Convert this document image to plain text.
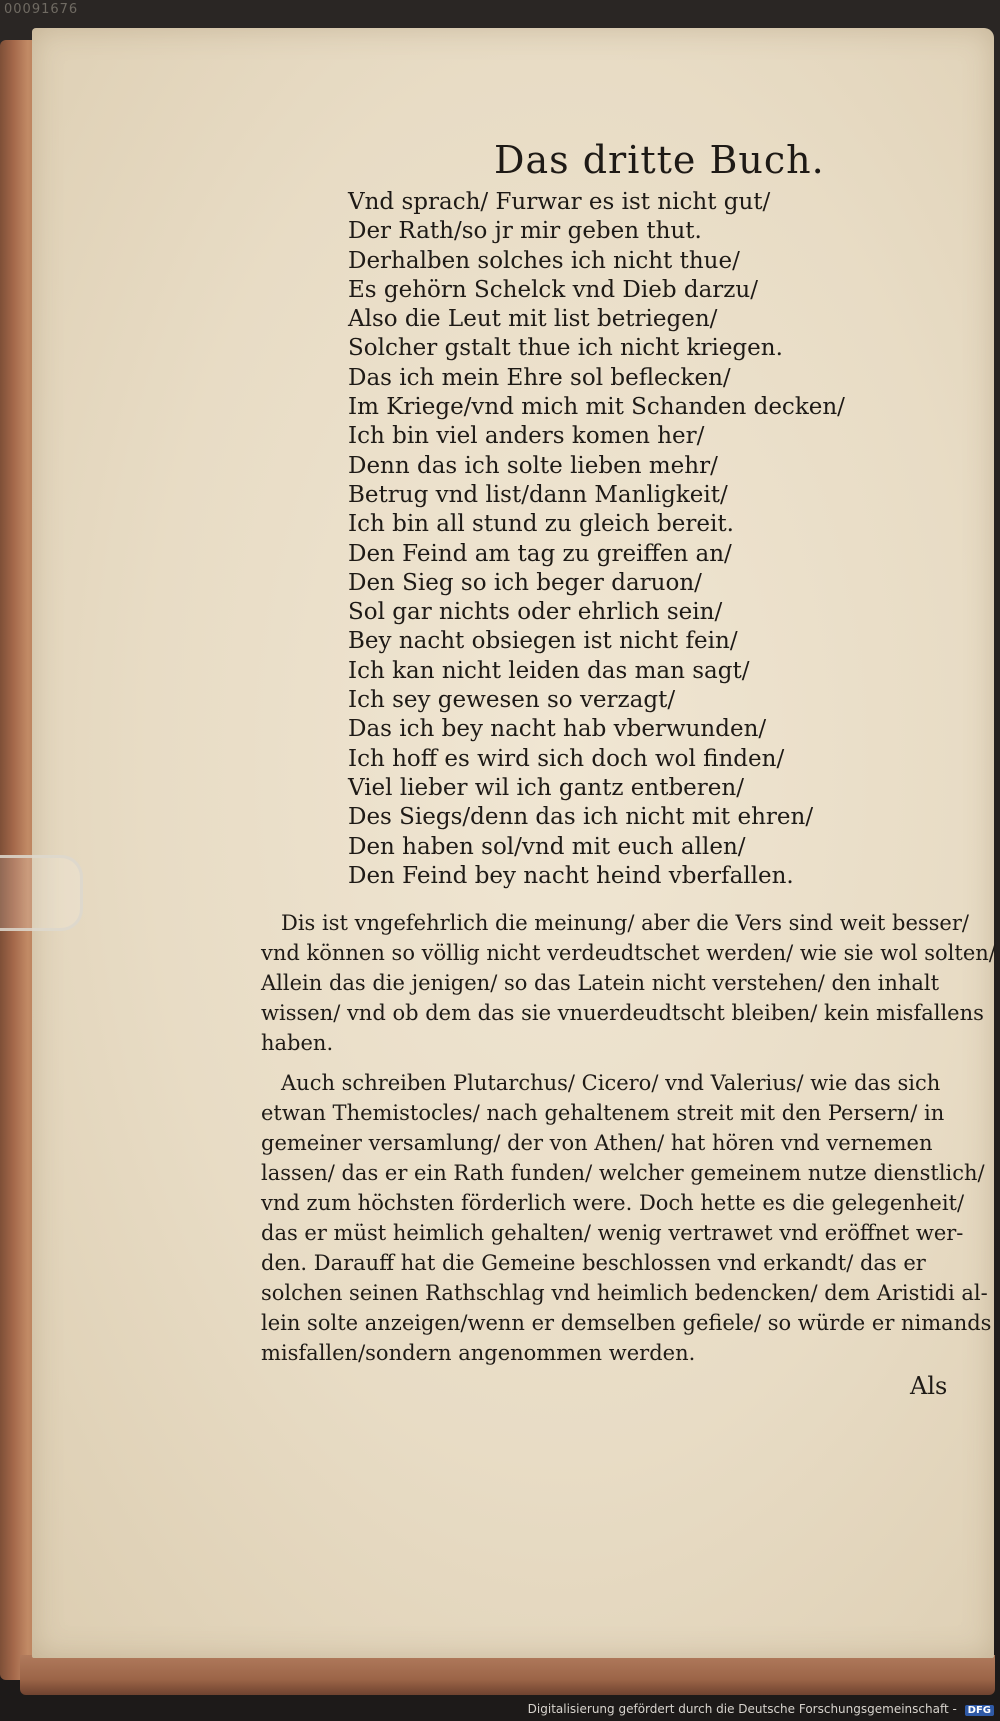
00091676
Das dritte Buch.
Vnd sprach/ Furwar es ist nicht gut/
Der Rath/so jr mir geben thut.
Derhalben solches ich nicht thue/
Es gehörn Schelck vnd Dieb darzu/
Also die Leut mit list betriegen/
Solcher gstalt thue ich nicht kriegen.
Das ich mein Ehre sol beflecken/
Im Kriege/vnd mich mit Schanden decken/
Ich bin viel anders komen her/
Denn das ich solte lieben mehr/
Betrug vnd list/dann Manligkeit/
Ich bin all stund zu gleich bereit.
Den Feind am tag zu greiffen an/
Den Sieg so ich beger daruon/
Sol gar nichts oder ehrlich sein/
Bey nacht obsiegen ist nicht fein/
Ich kan nicht leiden das man sagt/
Ich sey gewesen so verzagt/
Das ich bey nacht hab vberwunden/
Ich hoff es wird sich doch wol finden/
Viel lieber wil ich gantz entberen/
Des Siegs/denn das ich nicht mit ehren/
Den haben sol/vnd mit euch allen/
Den Feind bey nacht heind vberfallen.
Dis ist vngefehrlich die meinung/ aber die Vers sind weit besser/
vnd können so völlig nicht verdeudtschet werden/ wie sie wol solten/
Allein das die jenigen/ so das Latein nicht verstehen/ den inhalt
wissen/ vnd ob dem das sie vnuerdeudtscht bleiben/ kein misfallens
haben.
Auch schreiben Plutarchus/ Cicero/ vnd Valerius/ wie das sich
etwan Themistocles/ nach gehaltenem streit mit den Persern/ in
gemeiner versamlung/ der von Athen/ hat hören vnd vernemen
lassen/ das er ein Rath funden/ welcher gemeinem nutze dienstlich/
vnd zum höchsten förderlich were. Doch hette es die gelegenheit/
das er müst heimlich gehalten/ wenig vertrawet vnd eröffnet wer-
den. Darauff hat die Gemeine beschlossen vnd erkandt/ das er
solchen seinen Rathschlag vnd heimlich bedencken/ dem Aristidi al-
lein solte anzeigen/wenn er demselben gefiele/ so würde er nimands
misfallen/sondern angenommen werden.
Als
Digitalisierung gefördert durch die Deutsche Forschungsgemeinschaft - DFG
